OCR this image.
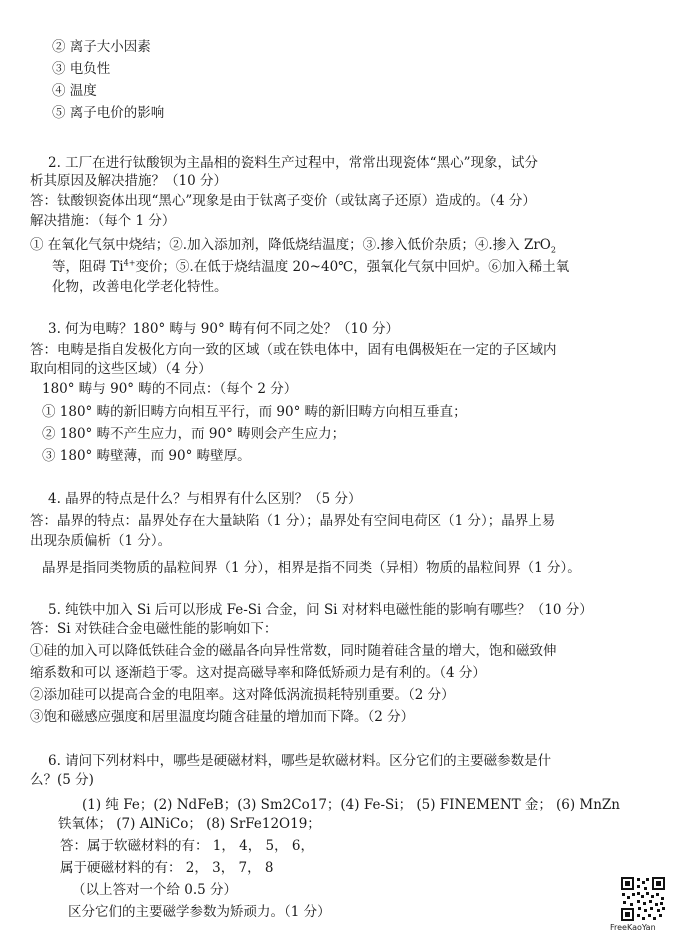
② 离子大小因素
③ 电负性
④ 温度
⑤ 离子电价的影响
2. 工厂在进行钛酸钡为主晶相的瓷料生产过程中，常常出现瓷体“黑心”现象，试分
析其原因及解决措施？（10 分）
答：钛酸钡瓷体出现“黑心”现象是由于钛离子变价（或钛离子还原）造成的。（4 分）
解决措施：（每个 1 分）
① 在氧化气氛中烧结；②.加入添加剂，降低烧结温度；③.掺入低价杂质；④.掺入 ZrO$_2$
等，阻碍 $Ti^{4+}$变价；⑤.在低于烧结温度 20~40℃，强氧化气氛中回炉。⑥加入稀土氧
化物，改善电化学老化特性。
3. 何为电畴？180° 畴与 90° 畴有何不同之处？（10 分）
答：电畴是指自发极化方向一致的区域（或在铁电体中，固有电偶极矩在一定的子区域内
取向相同的这些区域）（4 分）
180° 畴与 90° 畴的不同点：（每个 2 分）
① 180° 畴的新旧畴方向相互平行，而 90° 畴的新旧畴方向相互垂直；
② 180° 畴不产生应力，而 90° 畴则会产生应力；
③ 180° 畴壁薄，而 90° 畴壁厚。
4. 晶界的特点是什么？与相界有什么区别？（5 分）
答：晶界的特点：晶界处存在大量缺陷（1 分）；晶界处有空间电荷区（1 分）；晶界上易
出现杂质偏析（1 分）。
晶界是指同类物质的晶粒间界（1 分），相界是指不同类（异相）物质的晶粒间界（1 分）。
5. 纯铁中加入 Si 后可以形成 Fe-Si 合金，问 Si 对材料电磁性能的影响有哪些？（10 分）
答：Si 对铁硅合金电磁性能的影响如下：
①硅的加入可以降低铁硅合金的磁晶各向异性常数，同时随着硅含量的增大，饱和磁致伸
缩系数和可以 逐渐趋于零。这对提高磁导率和降低矫顽力是有利的。（4 分）
②添加硅可以提高合金的电阻率。这对降低涡流损耗特别重要。（2 分）
③饱和磁感应强度和居里温度均随含硅量的增加而下降。（2 分）
6. 请问下列材料中，哪些是硬磁材料，哪些是软磁材料。区分它们的主要磁参数是什
么？(5 分)
(1) 纯 Fe；(2) NdFeB；(3) Sm2Co17；(4) Fe-Si； (5) FINEMENT 金； (6) MnZn
铁氧体； (7) AlNiCo； (8) SrFe12O19；
答：属于软磁材料的有： 1， 4， 5， 6，
属于硬磁材料的有： 2， 3， 7， 8
（以上答对一个给 0.5 分）
区分它们的主要磁学参数为矫顽力。（1 分）
FreeKaoYan
